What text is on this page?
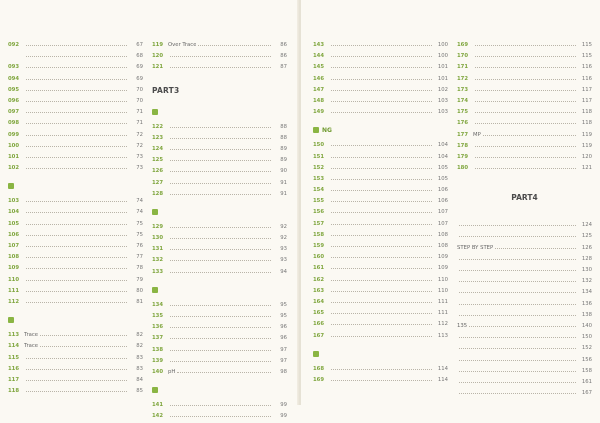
092	67
68
093	69
094	69
095	70
096	70
097	71
098	71
099	72
100	72
101	73
102	73
103	74
104	74
105	75
106	75
107	76
108	77
109	78
110	79
111	80
112	81
113 Trace	82
114 Trace	82
115	83
116	83
117	84
118	85
119 Over Trace	86
120	86
121	87
PART3
122	88
123	88
124	89
125	89
126	90
127	91
128	91
129	92
130	92
131	93
132	93
133	94
134	95
135	95
136	96
137	96
138	97
139	97
140 pH	98
141	99
142	99
143	100
144	100
145	101
146	101
147	102
148	103
149	103
NG
150	104
151	104
152	105
153	105
154	106
155	106
156	107
157	107
158	108
159	108
160	109
161	109
162	110
163	110
164	111
165	111
166	112
167	113
168	114
169	114
169	115
170	115
171	116
172	116
173	117
174	117
175	118
176	118
177 MP	119
178	119
179	120
180	121
PART4
124
125
STEP BY STEP	126
128
130
132
134
136
138
135	140
150
152
156
158
161
167
